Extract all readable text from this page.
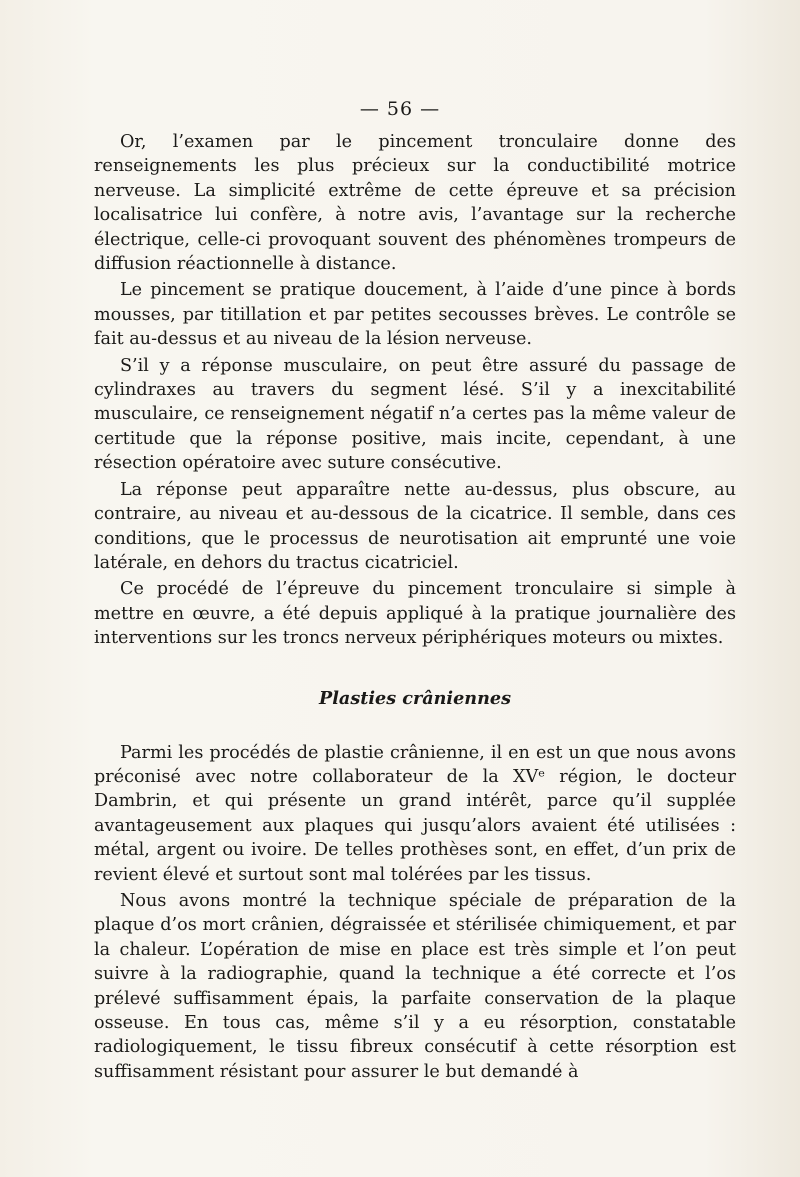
— 56 —

Or, l’examen par le pincement tronculaire donne des renseignements les plus précieux sur la conductibilité motrice nerveuse. La simplicité extrême de cette épreuve et sa précision localisatrice lui confère, à notre avis, l’avantage sur la recherche électrique, celle-ci provoquant souvent des phénomènes trompeurs de diffusion réactionnelle à distance.

Le pincement se pratique doucement, à l’aide d’une pince à bords mousses, par titillation et par petites secousses brèves. Le contrôle se fait au-dessus et au niveau de la lésion nerveuse.

S’il y a réponse musculaire, on peut être assuré du passage de cylindraxes au travers du segment lésé. S’il y a inexcitabilité musculaire, ce renseignement négatif n’a certes pas la même valeur de certitude que la réponse positive, mais incite, cependant, à une résection opératoire avec suture consécutive.

La réponse peut apparaître nette au-dessus, plus obscure, au contraire, au niveau et au-dessous de la cicatrice. Il semble, dans ces conditions, que le processus de neurotisation ait emprunté une voie latérale, en dehors du tractus cicatriciel.

Ce procédé de l’épreuve du pincement tronculaire si simple à mettre en œuvre, a été depuis appliqué à la pratique journalière des interventions sur les troncs nerveux périphériques moteurs ou mixtes.

Plasties crâniennes

Parmi les procédés de plastie crânienne, il en est un que nous avons préconisé avec notre collaborateur de la XVᵉ région, le docteur Dambrin, et qui présente un grand intérêt, parce qu’il supplée avantageusement aux plaques qui jusqu’alors avaient été utilisées : métal, argent ou ivoire. De telles prothèses sont, en effet, d’un prix de revient élevé et surtout sont mal tolérées par les tissus.

Nous avons montré la technique spéciale de préparation de la plaque d’os mort crânien, dégraissée et stérilisée chimiquement, et par la chaleur. L’opération de mise en place est très simple et l’on peut suivre à la radiographie, quand la technique a été correcte et l’os prélevé suffisamment épais, la parfaite conservation de la plaque osseuse. En tous cas, même s’il y a eu résorption, constatable radiologiquement, le tissu fibreux consécutif à cette résorption est suffisamment résistant pour assurer le but demandé à
